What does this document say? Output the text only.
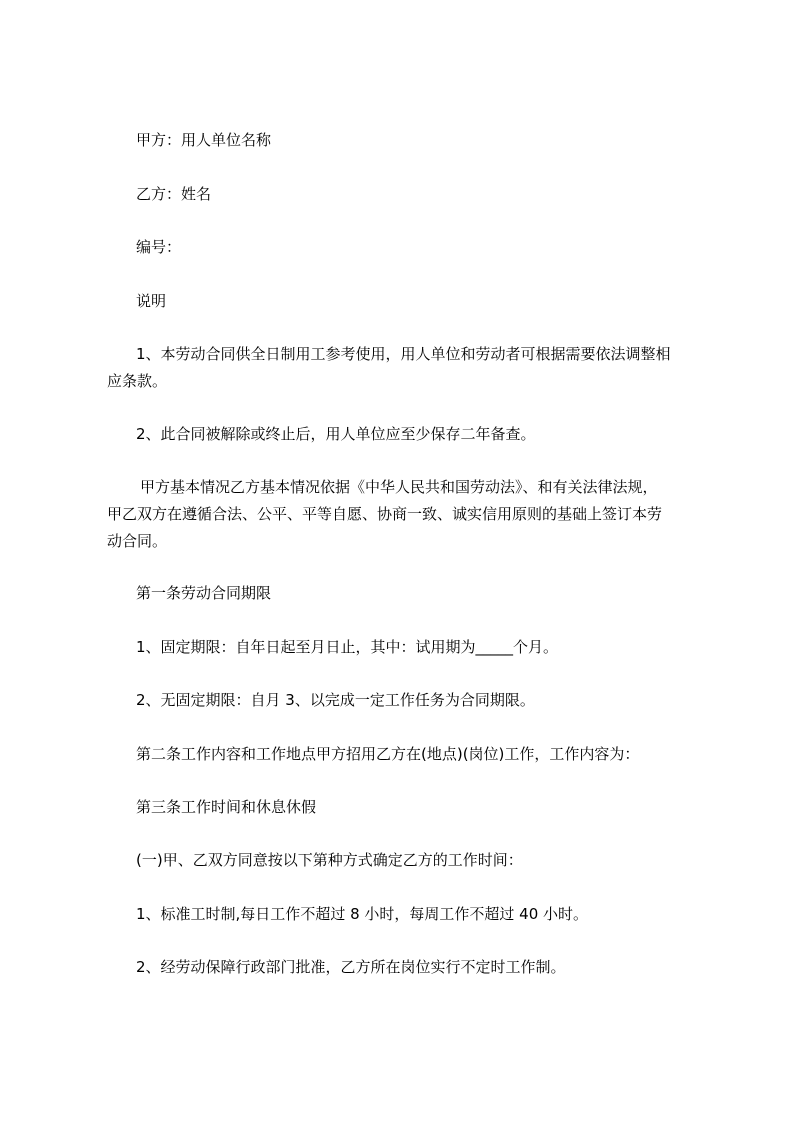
甲方：用人单位名称
乙方：姓名
编号：
说明
1、本劳动合同供全日制用工参考使用，用人单位和劳动者可根据需要依法调整相
应条款。
2、此合同被解除或终止后，用人单位应至少保存二年备查。
甲方基本情况乙方基本情况依据《中华人民共和国劳动法》、和有关法律法规，
甲乙双方在遵循合法、公平、平等自愿、协商一致、诚实信用原则的基础上签订本劳
动合同。
第一条劳动合同期限
1、固定期限：自年日起至月日止，其中：试用期为_____个月。
2、无固定期限：自月 3、以完成一定工作任务为合同期限。
第二条工作内容和工作地点甲方招用乙方在(地点)(岗位)工作，工作内容为：
第三条工作时间和休息休假
(一)甲、乙双方同意按以下第种方式确定乙方的工作时间：
1、标准工时制,每日工作不超过 8 小时，每周工作不超过 40 小时。
2、经劳动保障行政部门批准，乙方所在岗位实行不定时工作制。
